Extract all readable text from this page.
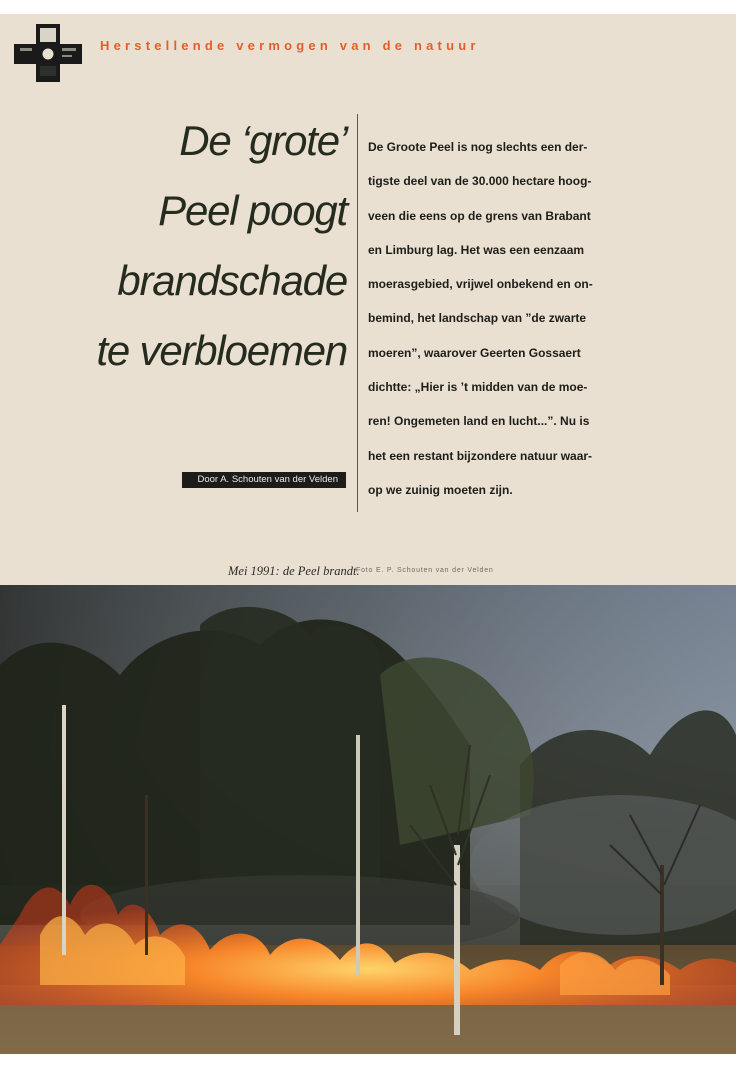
Herstellende vermogen van de natuur
De ‘grote’
Peel poogt
brandschade
te verbloemen
Door A. Schouten van der Velden

De Groote Peel is nog slechts een der-
tigste deel van de 30.000 hectare hoog-
veen die eens op de grens van Brabant
en Limburg lag. Het was een eenzaam
moerasgebied, vrijwel onbekend en on-
bemind, het landschap van ”de zwarte
moeren”, waarover Geerten Gossaert
dichtte: „Hier is ’t midden van de moe-
ren! Ongemeten land en lucht...”. Nu is
het een restant bijzondere natuur waar-
op we zuinig moeten zijn.

Mei 1991: de Peel brandt.
Foto E. P. Schouten van der Velden
